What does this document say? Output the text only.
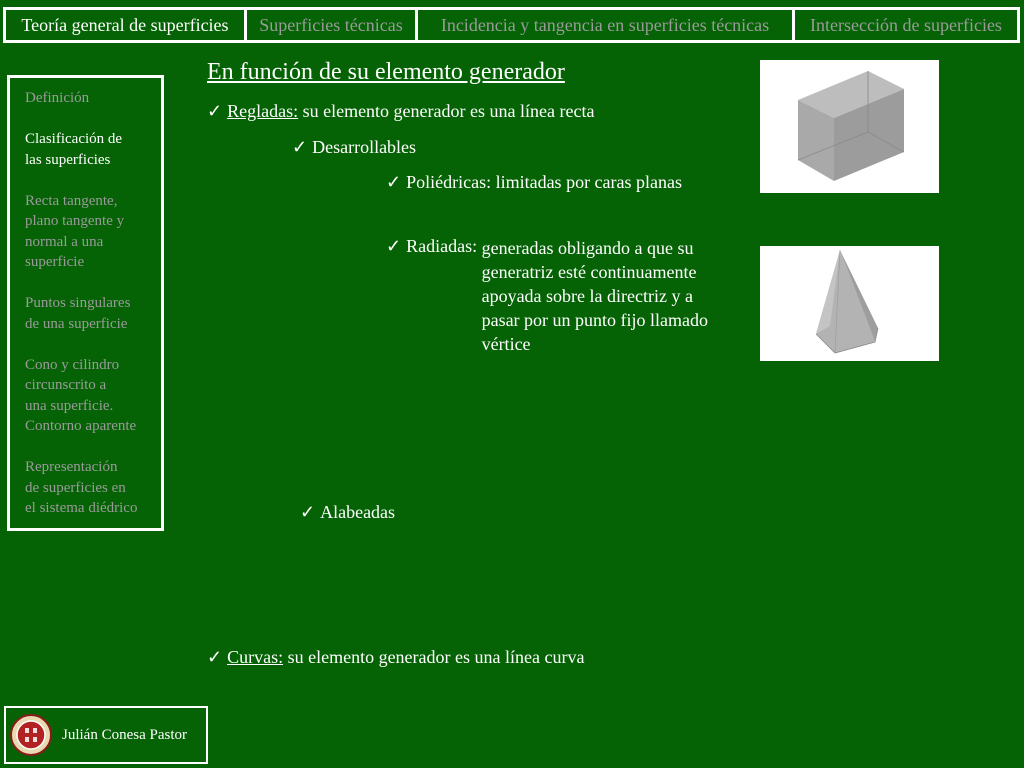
Teoría general de superficies	Superficies técnicas	Incidencia y tangencia en superficies técnicas	Intersección de superficies
Definición
Clasificación de
las superficies
Recta tangente,
plano tangente y
normal a una
superficie
Puntos singulares
de una superficie
Cono y cilindro
circunscrito a
una superficie.
Contorno aparente
Representación
de superficies en
el sistema diédrico
En función de su elemento generador
✓ Regladas: su elemento generador es una línea recta
✓ Desarrollables
✓ Poliédricas: limitadas por caras planas
✓ Radiadas: generadas obligando a que su
generatriz esté continuamente
apoyada sobre la directriz y a
pasar por un punto fijo llamado
vértice
✓ Alabeadas
✓ Curvas: su elemento generador es una línea curva
Julián Conesa Pastor
